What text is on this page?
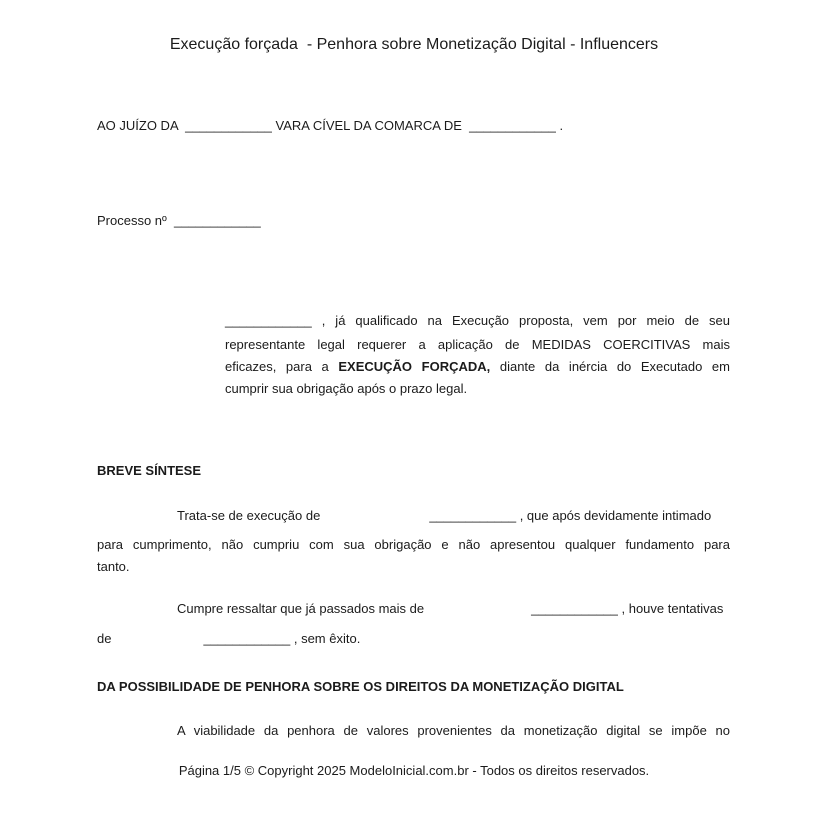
Execução forçada  - Penhora sobre Monetização Digital - Influencers
AO JUÍZO DA  ____________ VARA CÍVEL DA COMARCA DE  ____________ .
Processo nº  ____________
____________ , já qualificado na Execução proposta, vem por meio de seu
representante legal requerer a aplicação de MEDIDAS COERCITIVAS mais
eficazes, para a EXECUÇÃO FORÇADA, diante da inércia do Executado em
cumprir sua obrigação após o prazo legal.
BREVE SÍNTESE
Trata-se de execução de	____________ , que após devidamente intimado
para cumprimento, não cumpriu com sua obrigação e não apresentou qualquer fundamento para
tanto.
Cumpre ressaltar que já passados mais de	____________ , houve tentativas
de	____________ , sem êxito.
DA POSSIBILIDADE DE PENHORA SOBRE OS DIREITOS DA MONETIZAÇÃO DIGITAL
A viabilidade da penhora de valores provenientes da monetização digital se impõe no
Página 1/5 © Copyright 2025 ModeloInicial.com.br - Todos os direitos reservados.
